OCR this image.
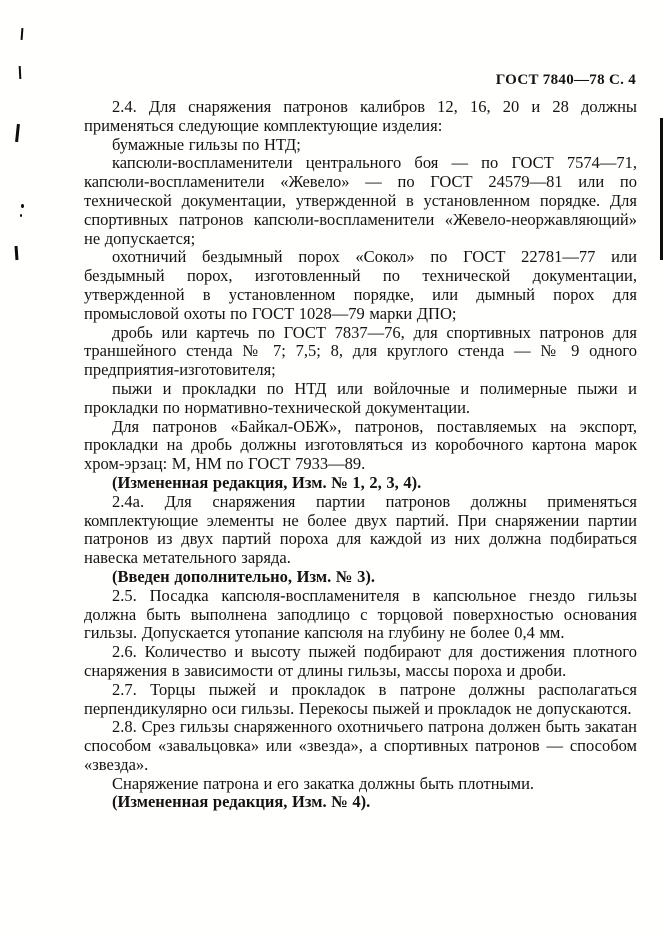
ГОСТ 7840—78 С. 4

2.4. Для снаряжения патронов калибров 12, 16, 20 и 28 должны применяться следующие комплектующие изделия:

бумажные гильзы по НТД;

капсюли-воспламенители центрального боя — по ГОСТ 7574—71, капсюли-воспламенители «Жевело» — по ГОСТ 24579—81 или по технической документации, утвержденной в установленном порядке. Для спортивных патронов капсюли-воспламенители «Жевело-неоржавляющий» не допускается;

охотничий бездымный порох «Сокол» по ГОСТ 22781—77 или бездымный порох, изготовленный по технической документации, утвержденной в установленном порядке, или дымный порох для промысловой охоты по ГОСТ 1028—79 марки ДПО;

дробь или картечь по ГОСТ 7837—76, для спортивных патронов для траншейного стенда № 7; 7,5; 8, для круглого стенда — № 9 одного предприятия-изготовителя;

пыжи и прокладки по НТД или войлочные и полимерные пыжи и прокладки по нормативно-технической документации.

Для патронов «Байкал-ОБЖ», патронов, поставляемых на экспорт, прокладки на дробь должны изготовляться из коробочного картона марок хром-эрзац: М, НМ по ГОСТ 7933—89.

(Измененная редакция, Изм. № 1, 2, 3, 4).

2.4а. Для снаряжения партии патронов должны применяться комплектующие элементы не более двух партий. При снаряжении партии патронов из двух партий пороха для каждой из них должна подбираться навеска метательного заряда.

(Введен дополнительно, Изм. № 3).

2.5. Посадка капсюля-воспламенителя в капсюльное гнездо гильзы должна быть выполнена заподлицо с торцовой поверхностью основания гильзы. Допускается утопание капсюля на глубину не более 0,4 мм.

2.6. Количество и высоту пыжей подбирают для достижения плотного снаряжения в зависимости от длины гильзы, массы пороха и дроби.

2.7. Торцы пыжей и прокладок в патроне должны располагаться перпендикулярно оси гильзы. Перекосы пыжей и прокладок не допускаются.

2.8. Срез гильзы снаряженного охотничьего патрона должен быть закатан способом «завальцовка» или «звезда», а спортивных патронов — способом «звезда».

Снаряжение патрона и его закатка должны быть плотными.

(Измененная редакция, Изм. № 4).
